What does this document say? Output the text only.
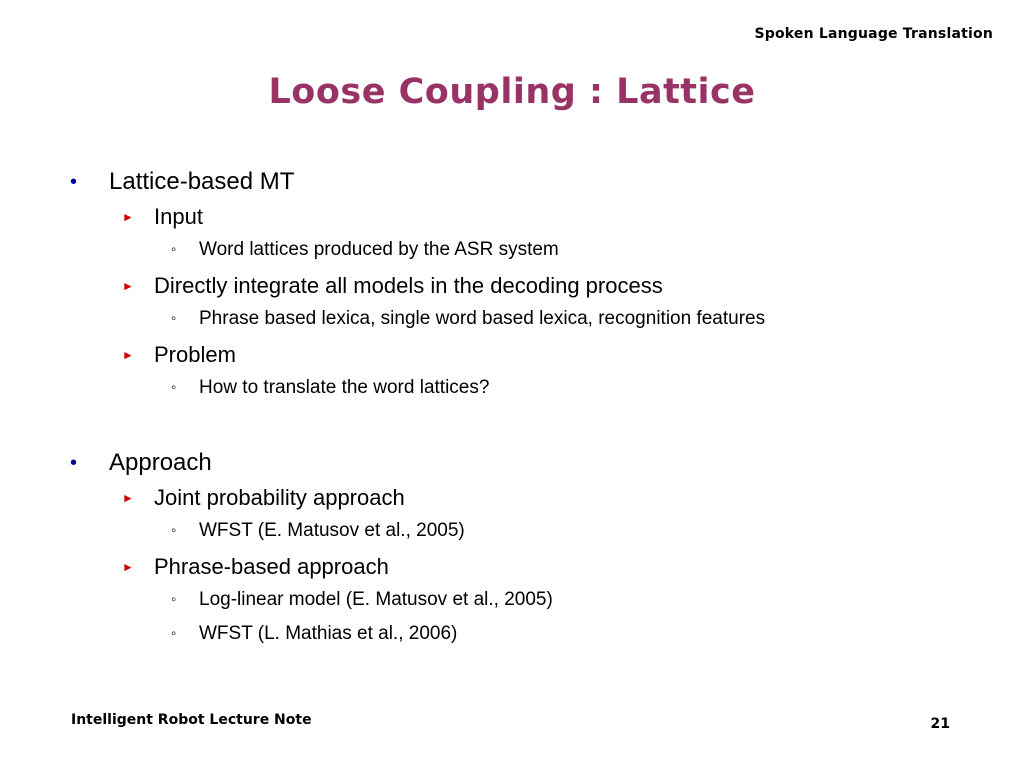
Spoken Language Translation
Loose Coupling : Lattice
• Lattice-based MT
► Input
◦ Word lattices produced by the ASR system
► Directly integrate all models in the decoding process
◦ Phrase based lexica, single word based lexica, recognition features
► Problem
◦ How to translate the word lattices?
• Approach
► Joint probability approach
◦ WFST (E. Matusov et al., 2005)
► Phrase-based approach
◦ Log-linear model (E. Matusov et al., 2005)
◦ WFST (L. Mathias et al., 2006)
Intelligent Robot Lecture Note	21
